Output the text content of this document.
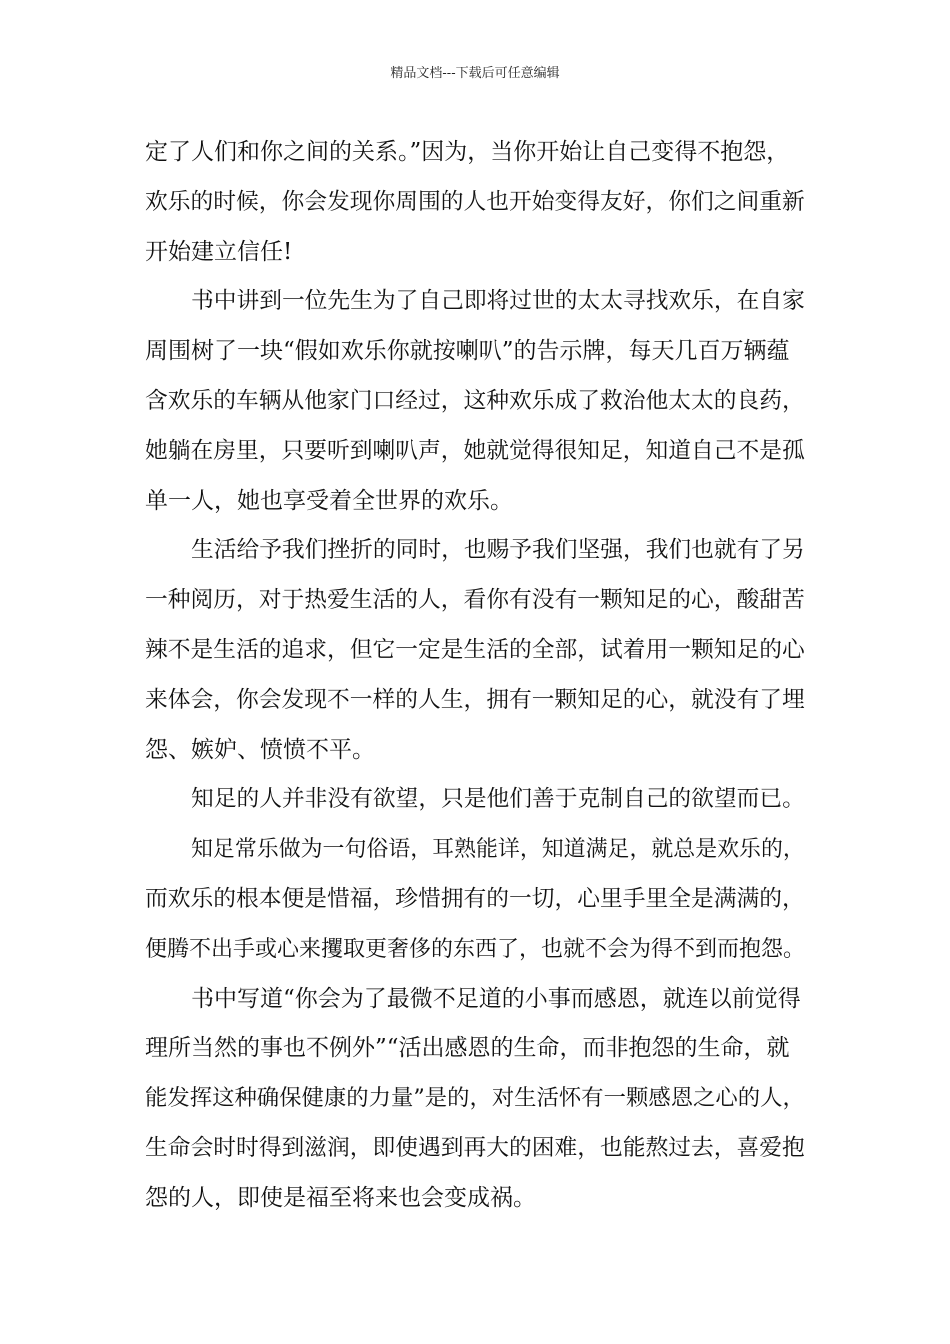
精品文档---下载后可任意编辑
定了人们和你之间的关系。”因为，当你开始让自己变得不抱怨，
欢乐的时候，你会发现你周围的人也开始变得友好，你们之间重新
开始建立信任!
书中讲到一位先生为了自己即将过世的太太寻找欢乐，在自家
周围树了一块“假如欢乐你就按喇叭”的告示牌，每天几百万辆蕴
含欢乐的车辆从他家门口经过，这种欢乐成了救治他太太的良药，
她躺在房里，只要听到喇叭声，她就觉得很知足，知道自己不是孤
单一人，她也享受着全世界的欢乐。
生活给予我们挫折的同时，也赐予我们坚强，我们也就有了另
一种阅历，对于热爱生活的人，看你有没有一颗知足的心，酸甜苦
辣不是生活的追求，但它一定是生活的全部，试着用一颗知足的心
来体会，你会发现不一样的人生，拥有一颗知足的心，就没有了埋
怨、嫉妒、愤愤不平。
知足的人并非没有欲望，只是他们善于克制自己的欲望而已。
知足常乐做为一句俗语，耳熟能详，知道满足，就总是欢乐的，
而欢乐的根本便是惜福，珍惜拥有的一切，心里手里全是满满的，
便腾不出手或心来攫取更奢侈的东西了，也就不会为得不到而抱怨。
书中写道“你会为了最微不足道的小事而感恩，就连以前觉得
理所当然的事也不例外”“活出感恩的生命，而非抱怨的生命，就
能发挥这种确保健康的力量”是的，对生活怀有一颗感恩之心的人，
生命会时时得到滋润，即使遇到再大的困难，也能熬过去，喜爱抱
怨的人，即使是福至将来也会变成祸。
